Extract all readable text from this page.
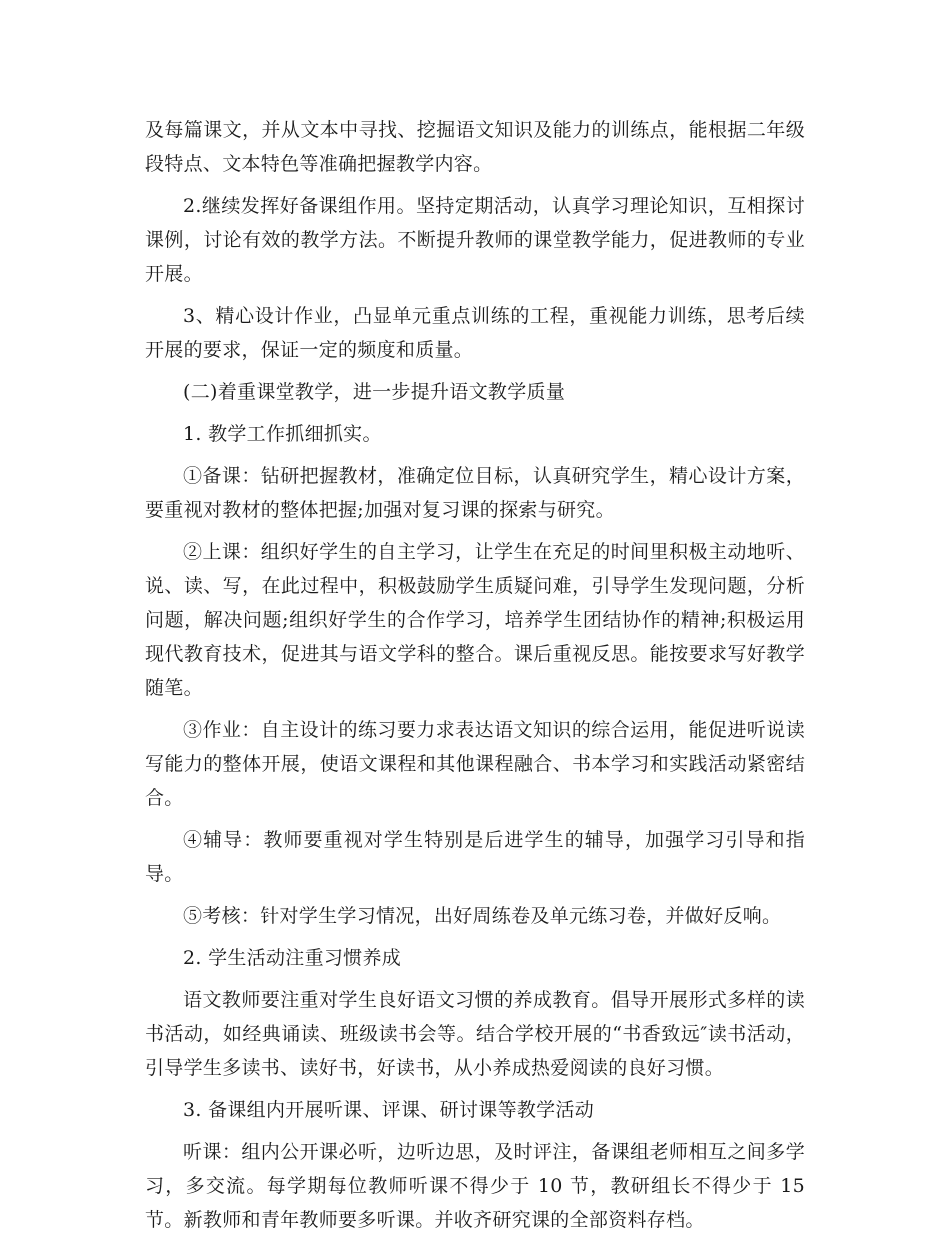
及每篇课文，并从文本中寻找、挖掘语文知识及能力的训练点，能根据二年级段特点、文本特色等准确把握教学内容。

2.继续发挥好备课组作用。坚持定期活动，认真学习理论知识，互相探讨课例，讨论有效的教学方法。不断提升教师的课堂教学能力，促进教师的专业开展。

3、精心设计作业，凸显单元重点训练的工程，重视能力训练，思考后续开展的要求，保证一定的频度和质量。

(二)着重课堂教学，进一步提升语文教学质量

1. 教学工作抓细抓实。

①备课：钻研把握教材，准确定位目标，认真研究学生，精心设计方案，要重视对教材的整体把握;加强对复习课的探索与研究。

②上课：组织好学生的自主学习，让学生在充足的时间里积极主动地听、说、读、写，在此过程中，积极鼓励学生质疑问难，引导学生发现问题，分析问题，解决问题;组织好学生的合作学习，培养学生团结协作的精神;积极运用现代教育技术，促进其与语文学科的整合。课后重视反思。能按要求写好教学随笔。

③作业：自主设计的练习要力求表达语文知识的综合运用，能促进听说读写能力的整体开展，使语文课程和其他课程融合、书本学习和实践活动紧密结合。

④辅导：教师要重视对学生特别是后进学生的辅导，加强学习引导和指导。

⑤考核：针对学生学习情况，出好周练卷及单元练习卷，并做好反响。

2. 学生活动注重习惯养成

语文教师要注重对学生良好语文习惯的养成教育。倡导开展形式多样的读书活动，如经典诵读、班级读书会等。结合学校开展的“书香致远″读书活动，引导学生多读书、读好书，好读书，从小养成热爱阅读的良好习惯。

3. 备课组内开展听课、评课、研讨课等教学活动

听课：组内公开课必听，边听边思，及时评注，备课组老师相互之间多学习，多交流。每学期每位教师听课不得少于 10 节，教研组长不得少于 15 节。新教师和青年教师要多听课。并收齐研究课的全部资料存档。
